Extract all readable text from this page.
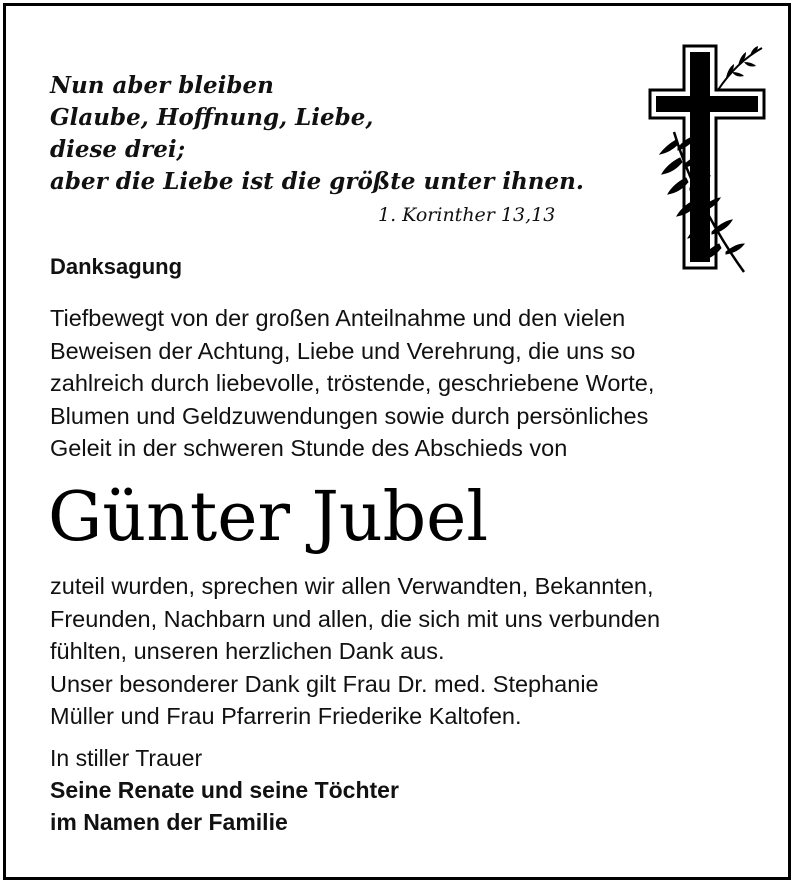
Nun aber bleiben
Glaube, Hoffnung, Liebe,
diese drei;
aber die Liebe ist die größte unter ihnen.
1. Korinther 13,13
Danksagung
Tiefbewegt von der großen Anteilnahme und den vielen
Beweisen der Achtung, Liebe und Verehrung, die uns so
zahlreich durch liebevolle, tröstende, geschriebene Worte,
Blumen und Geldzuwendungen sowie durch persönliches
Geleit in der schweren Stunde des Abschieds von
Günter Jubel
zuteil wurden, sprechen wir allen Verwandten, Bekannten,
Freunden, Nachbarn und allen, die sich mit uns verbunden
fühlten, unseren herzlichen Dank aus.
Unser besonderer Dank gilt Frau Dr. med. Stephanie
Müller und Frau Pfarrerin Friederike Kaltofen.
In stiller Trauer
Seine Renate und seine Töchter
im Namen der Familie
